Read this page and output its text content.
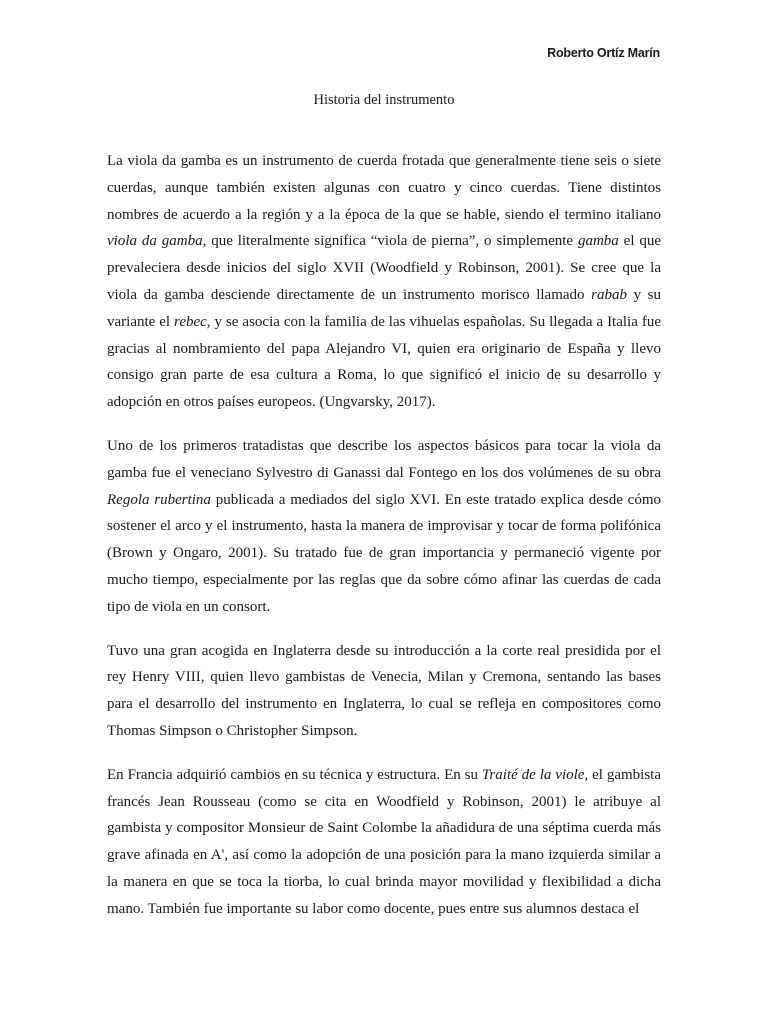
Roberto Ortíz Marín
Historia del instrumento

La viola da gamba es un instrumento de cuerda frotada que generalmente tiene seis o siete cuerdas, aunque también existen algunas con cuatro y cinco cuerdas. Tiene distintos nombres de acuerdo a la región y a la época de la que se hable, siendo el termino italiano viola da gamba, que literalmente significa “viola de pierna”, o simplemente gamba el que prevaleciera desde inicios del siglo XVII (Woodfield y Robinson, 2001). Se cree que la viola da gamba desciende directamente de un instrumento morisco llamado rabab y su variante el rebec, y se asocia con la familia de las vihuelas españolas. Su llegada a Italia fue gracias al nombramiento del papa Alejandro VI, quien era originario de España y llevo consigo gran parte de esa cultura a Roma, lo que significó el inicio de su desarrollo y adopción en otros países europeos. (Ungvarsky, 2017).

Uno de los primeros tratadistas que describe los aspectos básicos para tocar la viola da gamba fue el veneciano Sylvestro di Ganassi dal Fontego en los dos volúmenes de su obra Regola rubertina publicada a mediados del siglo XVI. En este tratado explica desde cómo sostener el arco y el instrumento, hasta la manera de improvisar y tocar de forma polifónica (Brown y Ongaro, 2001). Su tratado fue de gran importancia y permaneció vigente por mucho tiempo, especialmente por las reglas que da sobre cómo afinar las cuerdas de cada tipo de viola en un consort.

Tuvo una gran acogida en Inglaterra desde su introducción a la corte real presidida por el rey Henry VIII, quien llevo gambistas de Venecia, Milan y Cremona, sentando las bases para el desarrollo del instrumento en Inglaterra, lo cual se refleja en compositores como Thomas Simpson o Christopher Simpson.

En Francia adquirió cambios en su técnica y estructura. En su Traité de la viole, el gambista francés Jean Rousseau (como se cita en Woodfield y Robinson, 2001) le atribuye al gambista y compositor Monsieur de Saint Colombe la añadidura de una séptima cuerda más grave afinada en A', así como la adopción de una posición para la mano izquierda similar a la manera en que se toca la tiorba, lo cual brinda mayor movilidad y flexibilidad a dicha mano. También fue importante su labor como docente, pues entre sus alumnos destaca el
